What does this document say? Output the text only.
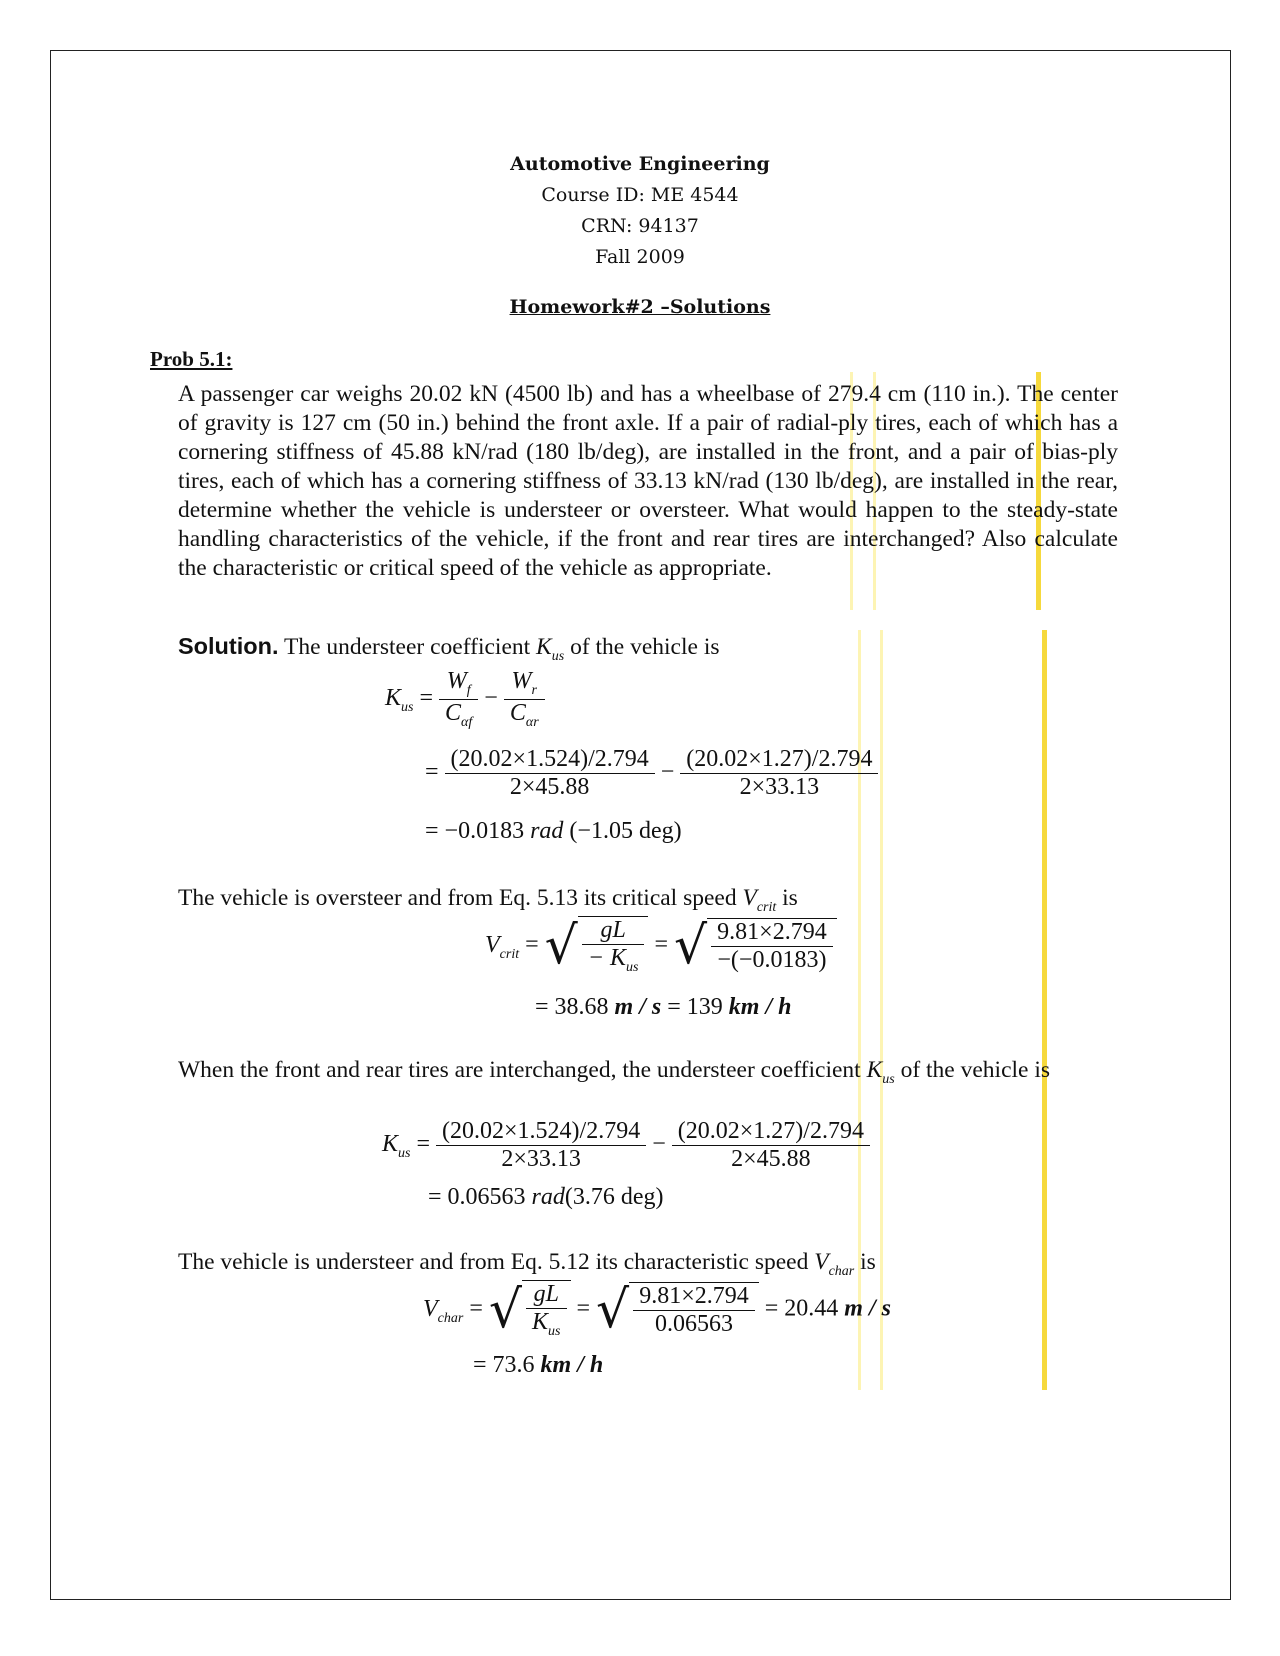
Automotive Engineering
Course ID: ME 4544
CRN: 94137
Fall 2009
Homework#2 –Solutions
Prob 5.1:
A passenger car weighs 20.02 kN (4500 lb) and has a wheelbase of 279.4 cm (110 in.). The center of gravity is 127 cm (50 in.) behind the front axle. If a pair of radial-ply tires, each of which has a cornering stiffness of 45.88 kN/rad (180 lb/deg), are installed in the front, and a pair of bias-ply tires, each of which has a cornering stiffness of 33.13 kN/rad (130 lb/deg), are installed in the rear, determine whether the vehicle is understeer or oversteer. What would happen to the steady-state handling characteristics of the vehicle, if the front and rear tires are interchanged? Also calculate the characteristic or critical speed of the vehicle as appropriate.
Solution. The understeer coefficient $K_{us}$ of the vehicle is
$K_{us} = \frac{W_f}{C_{\alpha f}} - \frac{W_r}{C_{\alpha r}}$
= $\frac{(20.02\times 1.524)/2.794}{2\times 45.88} - \frac{(20.02\times 1.27)/2.794}{2\times 33.13}$
= −0.0183 rad (−1.05 deg)
The vehicle is oversteer and from Eq. 5.13 its critical speed $V_{crit}$ is
$V_{crit}$ = √ $\frac{gL}{- K_{us}}$ = √ $\frac{9.81\times 2.794}{-(-0.0183)}$
= 38.68 m / s = 139 km / h
When the front and rear tires are interchanged, the understeer coefficient $K_{us}$ of the vehicle is
$K_{us} = \frac{(20.02\times 1.524)/2.794}{2\times 33.13} - \frac{(20.02\times 1.27)/2.794}{2\times 45.88}$
= 0.06563 rad(3.76 deg)
The vehicle is understeer and from Eq. 5.12 its characteristic speed $V_{char}$ is
$V_{char}$ = √ $\frac{gL}{K_{us}}$ = √ $\frac{9.81\times 2.794}{0.06563} = 20.44$ m / s
= 73.6 km / h
